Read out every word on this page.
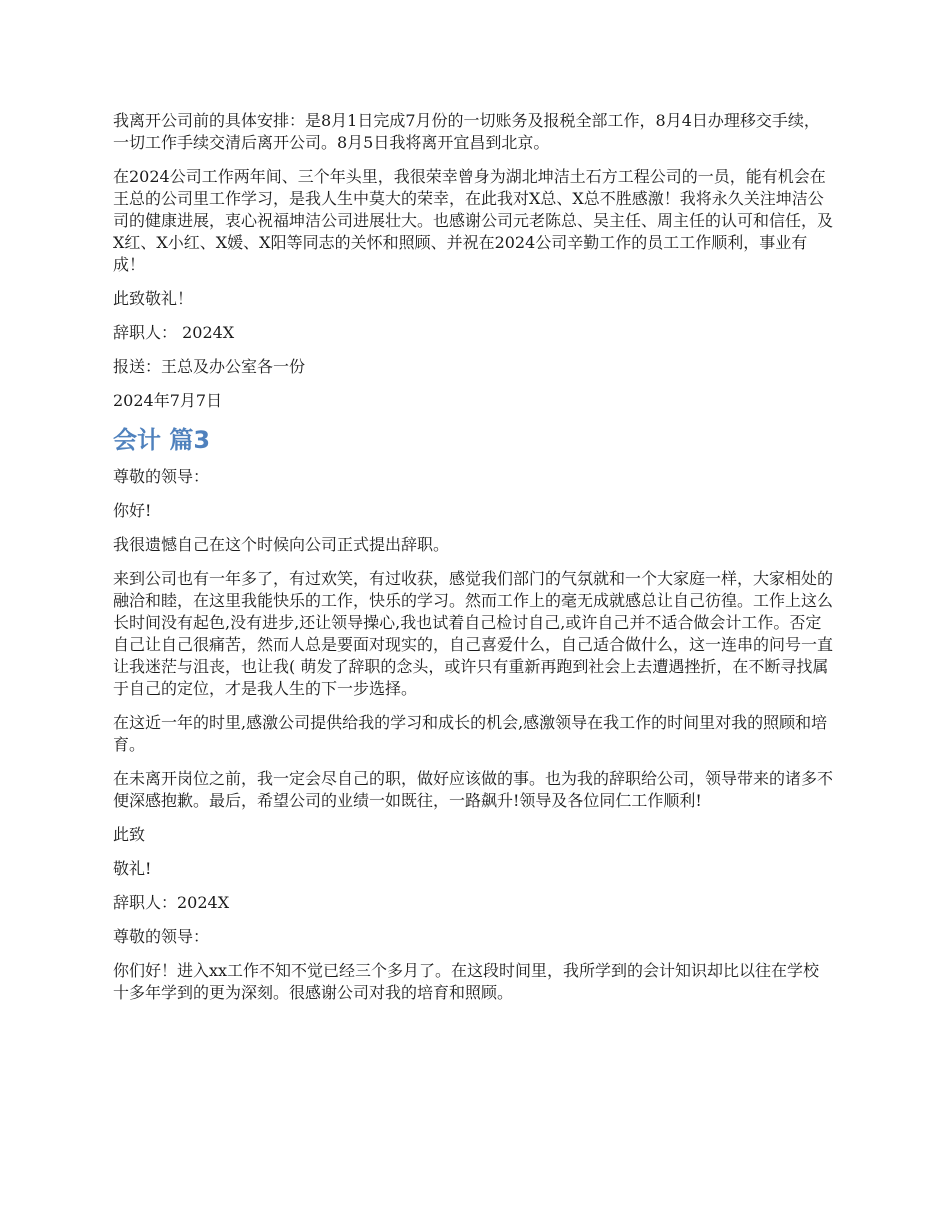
我离开公司前的具体安排：是8月1日完成7月份的一切账务及报税全部工作，8月4日办理移交手续，一切工作手续交清后离开公司。8月5日我将离开宜昌到北京。

在2024公司工作两年间、三个年头里，我很荣幸曾身为湖北坤洁土石方工程公司的一员，能有机会在王总的公司里工作学习，是我人生中莫大的荣幸，在此我对X总、X总不胜感激！我将永久关注坤洁公司的健康进展，衷心祝福坤洁公司进展壮大。也感谢公司元老陈总、吴主任、周主任的认可和信任，及X红、X小红、X媛、X阳等同志的关怀和照顾、并祝在2024公司辛勤工作的员工工作顺利，事业有成！

此致敬礼！

辞职人： 2024X

报送：王总及办公室各一份

2024年7月7日

会计 篇3

尊敬的领导：

你好!

我很遗憾自己在这个时候向公司正式提出辞职。

来到公司也有一年多了，有过欢笑，有过收获，感觉我们部门的气氛就和一个大家庭一样，大家相处的融洽和睦，在这里我能快乐的工作，快乐的学习。然而工作上的毫无成就感总让自己彷徨。工作上这么长时间没有起色,没有进步,还让领导操心,我也试着自己检讨自己,或许自己并不适合做会计工作。否定自己让自己很痛苦，然而人总是要面对现实的，自己喜爱什么，自己适合做什么，这一连串的问号一直让我迷茫与沮丧，也让我( 萌发了辞职的念头，或许只有重新再跑到社会上去遭遇挫折，在不断寻找属于自己的定位，才是我人生的下一步选择。

在这近一年的时里,感激公司提供给我的学习和成长的机会,感激领导在我工作的时间里对我的照顾和培育。

在未离开岗位之前，我一定会尽自己的职，做好应该做的事。也为我的辞职给公司，领导带来的诸多不便深感抱歉。最后，希望公司的业绩一如既往，一路飙升!领导及各位同仁工作顺利!

此致

敬礼!

辞职人：2024X

尊敬的领导：

你们好！进入xx工作不知不觉已经三个多月了。在这段时间里，我所学到的会计知识却比以往在学校十多年学到的更为深刻。很感谢公司对我的培育和照顾。
